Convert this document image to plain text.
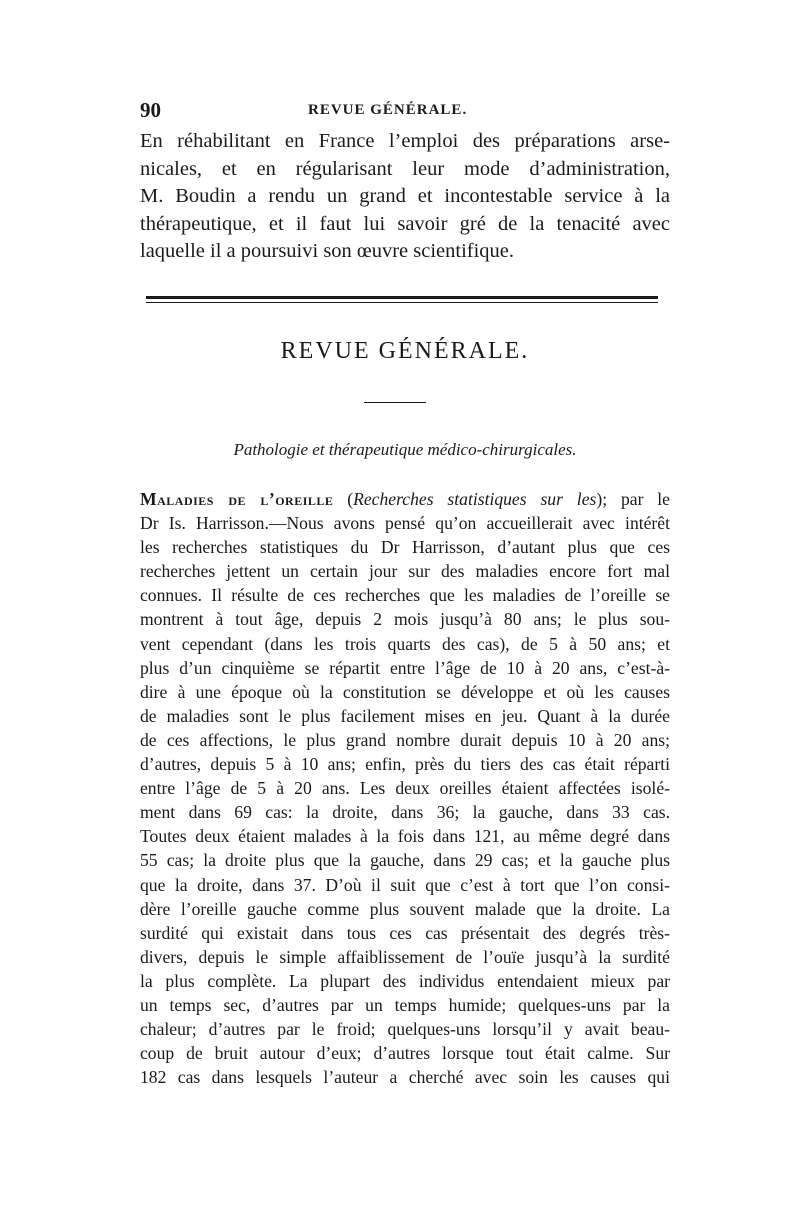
90	REVUE GÉNÉRALE.
En réhabilitant en France l’emploi des préparations arse-
nicales, et en régularisant leur mode d’administration,
M. Boudin a rendu un grand et incontestable service à la
thérapeutique, et il faut lui savoir gré de la tenacité avec
laquelle il a poursuivi son œuvre scientifique.
REVUE GÉNÉRALE.
Pathologie et thérapeutique médico-chirurgicales.
Maladies de l’oreille (Recherches statistiques sur les); par le
Dr Is. Harrisson.—Nous avons pensé qu’on accueillerait avec intérêt
les recherches statistiques du Dr Harrisson, d’autant plus que ces
recherches jettent un certain jour sur des maladies encore fort mal
connues. Il résulte de ces recherches que les maladies de l’oreille se
montrent à tout âge, depuis 2 mois jusqu’à 80 ans; le plus sou-
vent cependant (dans les trois quarts des cas), de 5 à 50 ans; et
plus d’un cinquième se répartit entre l’âge de 10 à 20 ans, c’est-à-
dire à une époque où la constitution se développe et où les causes
de maladies sont le plus facilement mises en jeu. Quant à la durée
de ces affections, le plus grand nombre durait depuis 10 à 20 ans;
d’autres, depuis 5 à 10 ans; enfin, près du tiers des cas était réparti
entre l’âge de 5 à 20 ans. Les deux oreilles étaient affectées isolé-
ment dans 69 cas: la droite, dans 36; la gauche, dans 33 cas.
Toutes deux étaient malades à la fois dans 121, au même degré dans
55 cas; la droite plus que la gauche, dans 29 cas; et la gauche plus
que la droite, dans 37. D’où il suit que c’est à tort que l’on consi-
dère l’oreille gauche comme plus souvent malade que la droite. La
surdité qui existait dans tous ces cas présentait des degrés très-
divers, depuis le simple affaiblissement de l’ouïe jusqu’à la surdité
la plus complète. La plupart des individus entendaient mieux par
un temps sec, d’autres par un temps humide; quelques-uns par la
chaleur; d’autres par le froid; quelques-uns lorsqu’il y avait beau-
coup de bruit autour d’eux; d’autres lorsque tout était calme. Sur
182 cas dans lesquels l’auteur a cherché avec soin les causes qui
